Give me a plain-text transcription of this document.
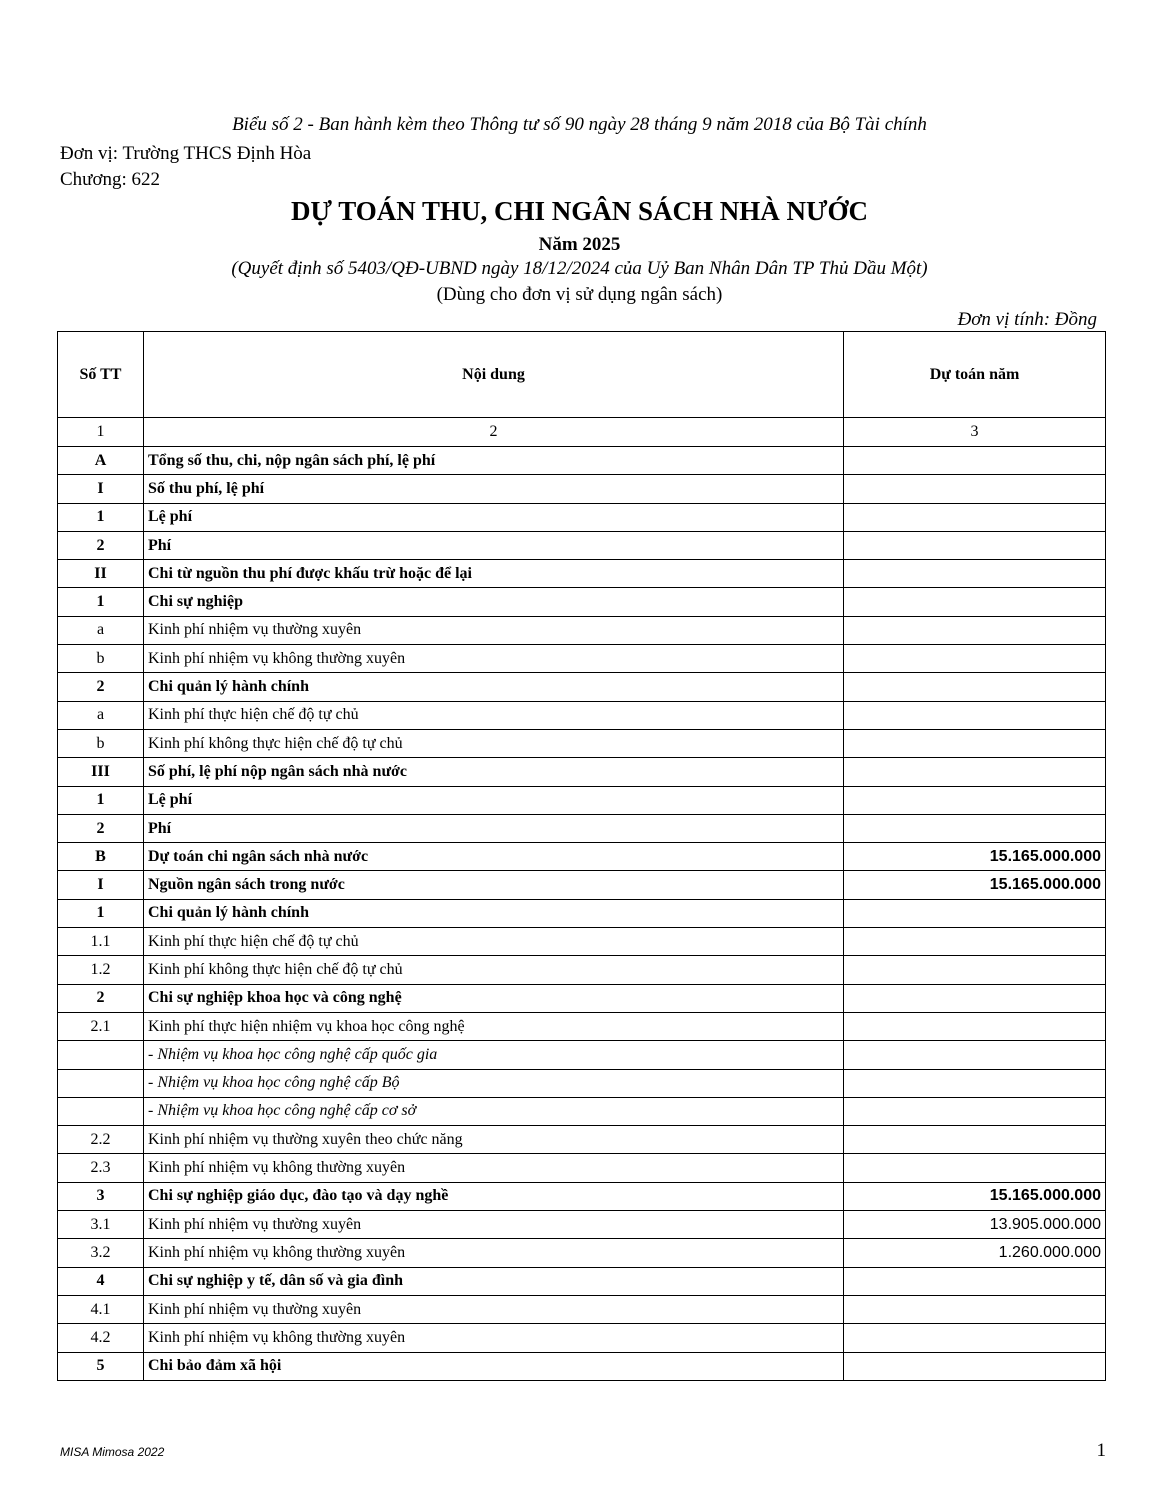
Biểu số 2 - Ban hành kèm theo Thông tư số 90 ngày 28 tháng 9 năm 2018 của Bộ Tài chính
Đơn vị: Trường THCS Định Hòa
Chương: 622
DỰ TOÁN THU, CHI NGÂN SÁCH NHÀ NƯỚC
Năm 2025
(Quyết định số 5403/QĐ-UBND ngày 18/12/2024 của Uỷ Ban Nhân Dân TP Thủ Dầu Một)
(Dùng cho đơn vị sử dụng ngân sách)
Đơn vị tính: Đồng
Số TT	Nội dung	Dự toán năm
1	2	3
A	Tổng số thu, chi, nộp ngân sách phí, lệ phí	
I	Số thu phí, lệ phí	
1	Lệ phí	
2	Phí	
II	Chi từ nguồn thu phí được khấu trừ hoặc để lại	
1	Chi sự nghiệp	
a	Kinh phí nhiệm vụ thường xuyên	
b	Kinh phí nhiệm vụ không thường xuyên	
2	Chi quản lý hành chính	
a	Kinh phí thực hiện chế độ tự chủ	
b	Kinh phí không thực hiện chế độ tự chủ	
III	Số phí, lệ phí nộp ngân sách nhà nước	
1	Lệ phí	
2	Phí	
B	Dự toán chi ngân sách nhà nước	15.165.000.000
I	Nguồn ngân sách trong nước	15.165.000.000
1	Chi quản lý hành chính	
1.1	Kinh phí thực hiện chế độ tự chủ	
1.2	Kinh phí không thực hiện chế độ tự chủ	
2	Chi sự nghiệp khoa học và công nghệ	
2.1	Kinh phí thực hiện nhiệm vụ khoa học công nghệ	
	- Nhiệm vụ khoa học công nghệ cấp quốc gia	
	- Nhiệm vụ khoa học công nghệ cấp Bộ	
	- Nhiệm vụ khoa học công nghệ cấp cơ sở	
2.2	Kinh phí nhiệm vụ thường xuyên theo chức năng	
2.3	Kinh phí nhiệm vụ không thường xuyên	
3	Chi sự nghiệp giáo dục, đào tạo và dạy nghề	15.165.000.000
3.1	Kinh phí nhiệm vụ thường xuyên	13.905.000.000
3.2	Kinh phí nhiệm vụ không thường xuyên	1.260.000.000
4	Chi sự nghiệp y tế, dân số và gia đình	
4.1	Kinh phí nhiệm vụ thường xuyên	
4.2	Kinh phí nhiệm vụ không thường xuyên	
5	Chi bảo đảm xã hội	
MISA Mimosa 2022	1
